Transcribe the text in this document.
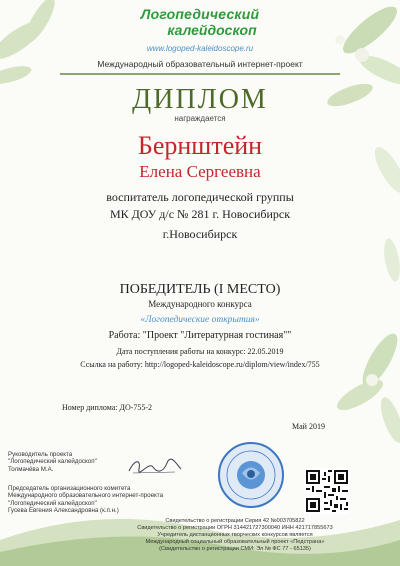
Логопедический
калейдоскоп
www.logoped-kaleidoscope.ru
Международный образовательный интернет-проект
ДИПЛОМ
награждается
Бернштейн
Елена Сергеевна
воспитатель логопедической группы
МК ДОУ д/с № 281 г. Новосибирск
г.Новосибирск
ПОБЕДИТЕЛЬ (I МЕСТО)
Международного конкурса
«Логопедические открытия»
Работа: "Проект "Литературная гостиная""
Дата поступления работы на конкурс: 22.05.2019
Ссылка на работу: http://logoped-kaleidoscope.ru/diplom/view/index/755
Номер диплома: ДО-755-2
Май 2019
Руководитель проекта
"Логопедический калейдоскоп"
Толмачёва М.А.
Председатель организационного комитета
Международного образовательного интернет-проекта
"Логопедический калейдоскоп"
Гусева Евгения Александровна (к.п.н.)
Свидетельство о регистрации Серия 42 №003705822
Свидетельство о регистрации ОГРН 314421727300040 ИНН 421717855673
Учредитель дистанционных творческих конкурсов является
Международный социальный образовательный проект «Педстранa»
(Свидетельство о регистрации СМИ: Эл № ФС 77 - 65135)
